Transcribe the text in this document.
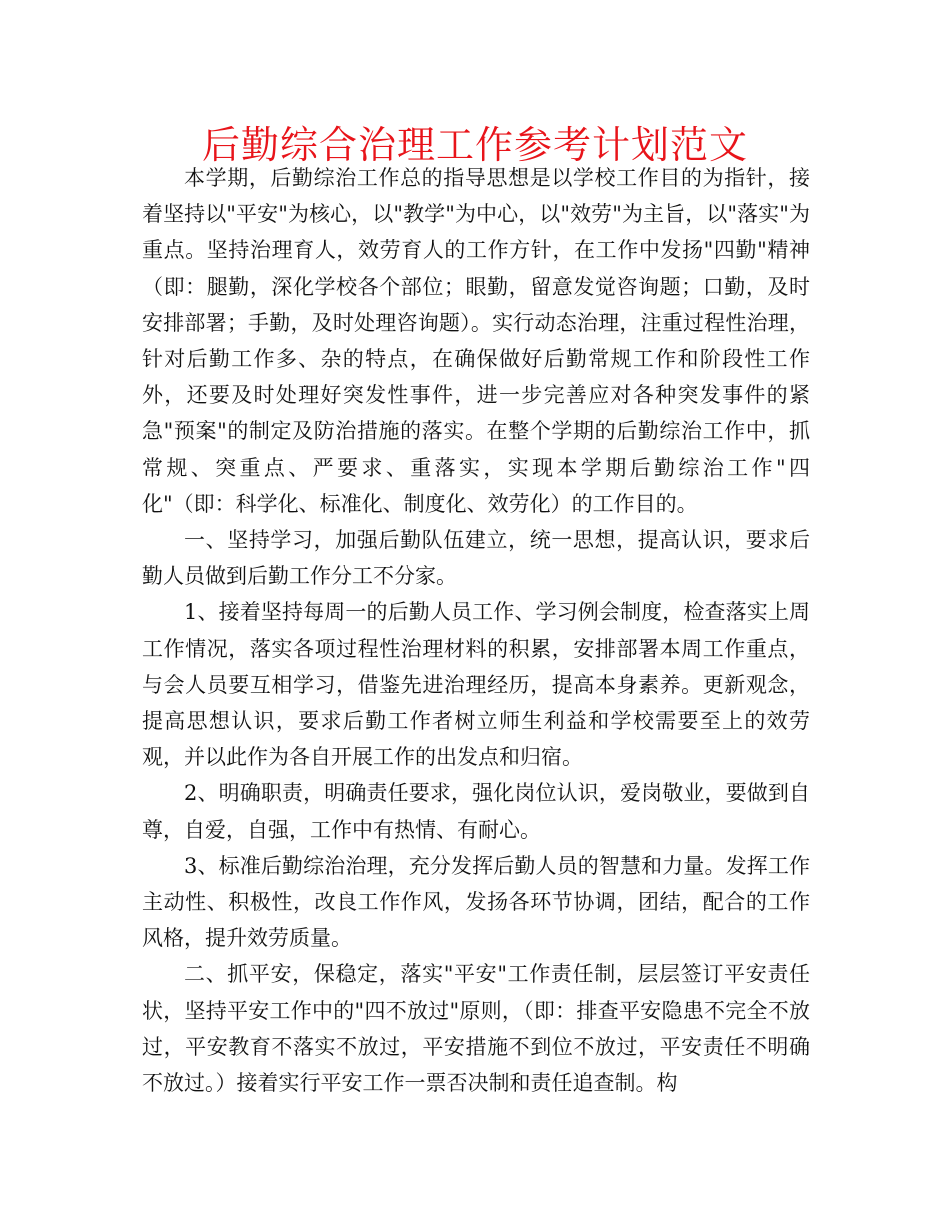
后勤综合治理工作参考计划范文

本学期，后勤综治工作总的指导思想是以学校工作目的为指针，接着坚持以"平安"为核心，以"教学"为中心，以"效劳"为主旨，以"落实"为重点。坚持治理育人，效劳育人的工作方针，在工作中发扬"四勤"精神（即：腿勤，深化学校各个部位；眼勤，留意发觉咨询题；口勤，及时安排部署；手勤，及时处理咨询题）。实行动态治理，注重过程性治理，针对后勤工作多、杂的特点，在确保做好后勤常规工作和阶段性工作外，还要及时处理好突发性事件，进一步完善应对各种突发事件的紧急"预案"的制定及防治措施的落实。在整个学期的后勤综治工作中，抓常规、突重点、严要求、重落实，实现本学期后勤综治工作"四化"（即：科学化、标准化、制度化、效劳化）的工作目的。

一、坚持学习，加强后勤队伍建立，统一思想，提高认识，要求后勤人员做到后勤工作分工不分家。

1、接着坚持每周一的后勤人员工作、学习例会制度，检查落实上周工作情况，落实各项过程性治理材料的积累，安排部署本周工作重点，与会人员要互相学习，借鉴先进治理经历，提高本身素养。更新观念，提高思想认识，要求后勤工作者树立师生利益和学校需要至上的效劳观，并以此作为各自开展工作的出发点和归宿。

2、明确职责，明确责任要求，强化岗位认识，爱岗敬业，要做到自尊，自爱，自强，工作中有热情、有耐心。

3、标准后勤综治治理，充分发挥后勤人员的智慧和力量。发挥工作主动性、积极性，改良工作作风，发扬各环节协调，团结，配合的工作风格，提升效劳质量。

二、抓平安，保稳定，落实"平安"工作责任制，层层签订平安责任状，坚持平安工作中的"四不放过"原则，（即：排查平安隐患不完全不放过，平安教育不落实不放过，平安措施不到位不放过，平安责任不明确不放过。）接着实行平安工作一票否决制和责任追查制。构
